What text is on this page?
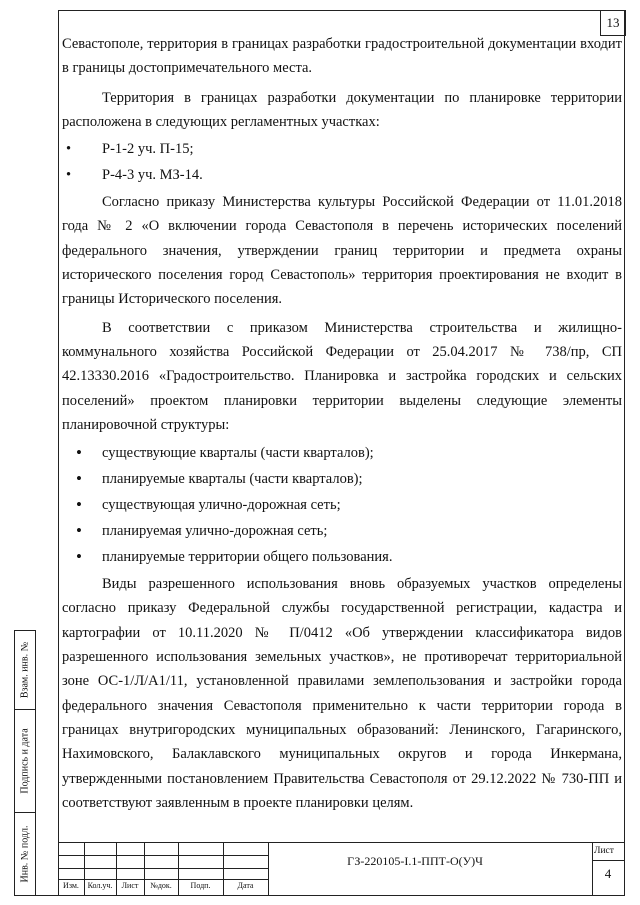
13

Севастополе, территория в границах разработки градостроительной документации входит в границы достопримечательного места.

Территория в границах разработки документации по планировке территории расположена в следующих регламентных участках:

• Р-1-2 уч. П-15;
• Р-4-3 уч. МЗ-14.

Согласно приказу Министерства культуры Российской Федерации от 11.01.2018 года № 2 «О включении города Севастополя в перечень исторических поселений федерального значения, утверждении границ территории и предмета охраны исторического поселения город Севастополь» территория проектирования не входит в границы Исторического поселения.

В соответствии с приказом Министерства строительства и жилищно-коммунального хозяйства Российской Федерации от 25.04.2017 № 738/пр, СП 42.13330.2016 «Градостроительство. Планировка и застройка городских и сельских поселений» проектом планировки территории выделены следующие элементы планировочной структуры:

• существующие кварталы (части кварталов);
• планируемые кварталы (части кварталов);
• существующая улично-дорожная сеть;
• планируемая улично-дорожная сеть;
• планируемые территории общего пользования.

Виды разрешенного использования вновь образуемых участков определены согласно приказу Федеральной службы государственной регистрации, кадастра и картографии от 10.11.2020 № П/0412 «Об утверждении классификатора видов разрешенного использования земельных участков», не противоречат территориальной зоне ОС-1/Л/А1/11, установленной правилами землепользования и застройки города федерального значения Севастополя применительно к части территории города в границах внутригородских муниципальных образований: Ленинского, Гагаринского, Нахимовского, Балаклавского муниципальных округов и города Инкермана, утвержденными постановлением Правительства Севастополя от 29.12.2022 № 730-ПП и соответствуют заявленным в проекте планировки целям.

Взам. инв. №
Подпись и дата
Инв. № подл.
Изм.	Кол.уч.	Лист	№док.	Подп.	Дата
ГЗ-220105-I.1-ППТ-О(У)Ч
Лист
4
